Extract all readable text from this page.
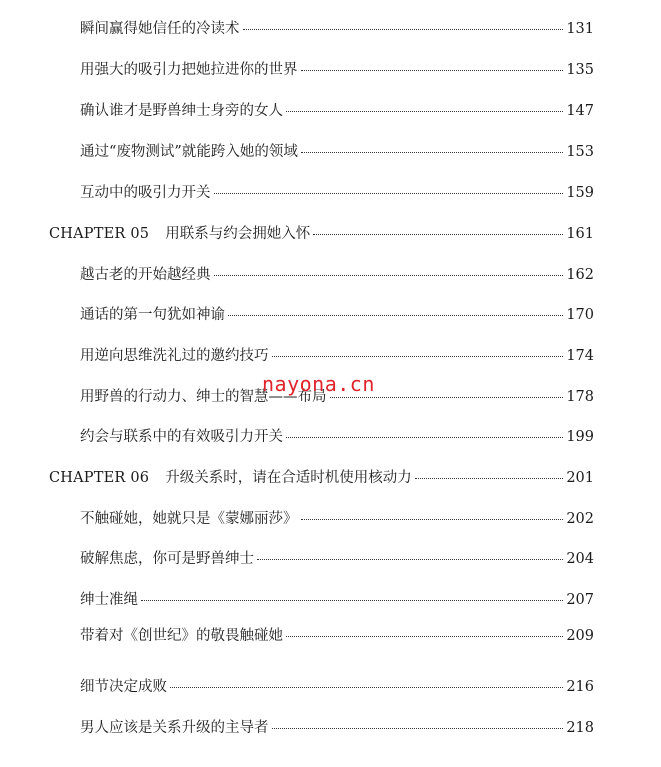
瞬间赢得她信任的冷读术	131
用强大的吸引力把她拉进你的世界	135
确认谁才是野兽绅士身旁的女人	147
通过“废物测试”就能跨入她的领域	153
互动中的吸引力开关	159
CHAPTER 05 用联系与约会拥她入怀	161
越古老的开始越经典	162
通话的第一句犹如神谕	170
用逆向思维洗礼过的邀约技巧	174
用野兽的行动力、绅士的智慧——布局	178
约会与联系中的有效吸引力开关	199
CHAPTER 06 升级关系时，请在合适时机使用核动力	201
不触碰她，她就只是《蒙娜丽莎》	202
破解焦虑，你可是野兽绅士	204
绅士准绳	207
带着对《创世纪》的敬畏触碰她	209
细节决定成败	216
男人应该是关系升级的主导者	218
nayona.cn
